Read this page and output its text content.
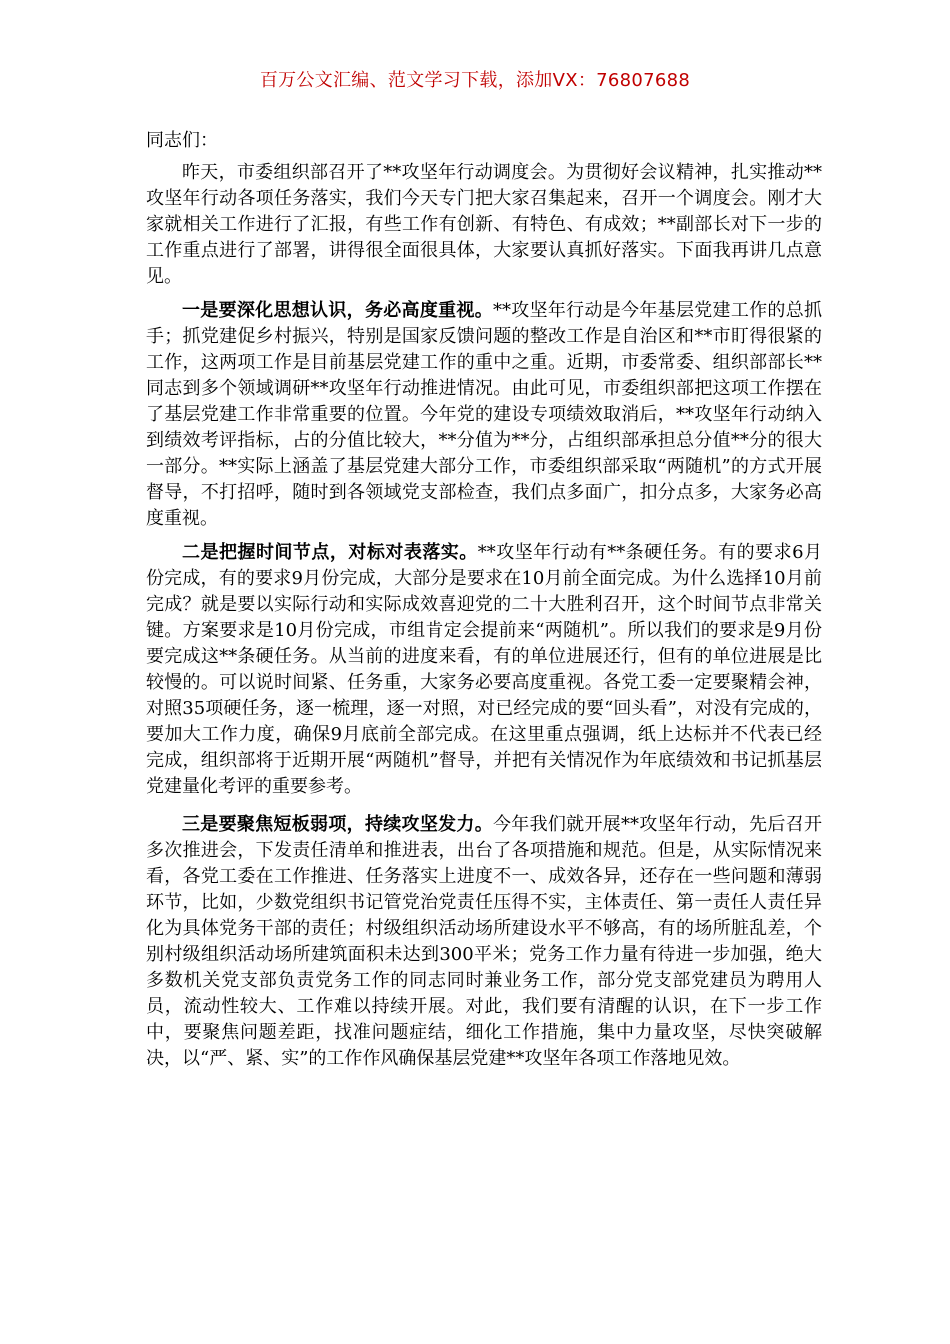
百万公文汇编、范文学习下载，添加VX：76807688
同志们：

昨天，市委组织部召开了**攻坚年行动调度会。为贯彻好会议精神，扎实推动**攻坚年行动各项任务落实，我们今天专门把大家召集起来，召开一个调度会。刚才大家就相关工作进行了汇报，有些工作有创新、有特色、有成效；**副部长对下一步的工作重点进行了部署，讲得很全面很具体，大家要认真抓好落实。下面我再讲几点意见。

一是要深化思想认识，务必高度重视。**攻坚年行动是今年基层党建工作的总抓手；抓党建促乡村振兴，特别是国家反馈问题的整改工作是自治区和**市盯得很紧的工作，这两项工作是目前基层党建工作的重中之重。近期，市委常委、组织部部长**同志到多个领域调研**攻坚年行动推进情况。由此可见，市委组织部把这项工作摆在了基层党建工作非常重要的位置。今年党的建设专项绩效取消后，**攻坚年行动纳入到绩效考评指标，占的分值比较大，**分值为**分，占组织部承担总分值**分的很大一部分。**实际上涵盖了基层党建大部分工作，市委组织部采取“两随机”的方式开展督导，不打招呼，随时到各领域党支部检查，我们点多面广，扣分点多，大家务必高度重视。

二是把握时间节点，对标对表落实。**攻坚年行动有**条硬任务。有的要求6月份完成，有的要求9月份完成，大部分是要求在10月前全面完成。为什么选择10月前完成？就是要以实际行动和实际成效喜迎党的二十大胜利召开，这个时间节点非常关键。方案要求是10月份完成，市组肯定会提前来“两随机”。所以我们的要求是9月份要完成这**条硬任务。从当前的进度来看，有的单位进展还行，但有的单位进展是比较慢的。可以说时间紧、任务重，大家务必要高度重视。各党工委一定要聚精会神，对照35项硬任务，逐一梳理，逐一对照，对已经完成的要“回头看”，对没有完成的，要加大工作力度，确保9月底前全部完成。在这里重点强调，纸上达标并不代表已经完成，组织部将于近期开展“两随机”督导，并把有关情况作为年底绩效和书记抓基层党建量化考评的重要参考。

三是要聚焦短板弱项，持续攻坚发力。今年我们就开展**攻坚年行动，先后召开多次推进会，下发责任清单和推进表，出台了各项措施和规范。但是，从实际情况来看，各党工委在工作推进、任务落实上进度不一、成效各异，还存在一些问题和薄弱环节，比如，少数党组织书记管党治党责任压得不实，主体责任、第一责任人责任异化为具体党务干部的责任；村级组织活动场所建设水平不够高，有的场所脏乱差，个别村级组织活动场所建筑面积未达到300平米；党务工作力量有待进一步加强，绝大多数机关党支部负责党务工作的同志同时兼业务工作，部分党支部党建员为聘用人员，流动性较大、工作难以持续开展。对此，我们要有清醒的认识，在下一步工作中，要聚焦问题差距，找准问题症结，细化工作措施，集中力量攻坚，尽快突破解决，以“严、紧、实”的工作作风确保基层党建**攻坚年各项工作落地见效。
